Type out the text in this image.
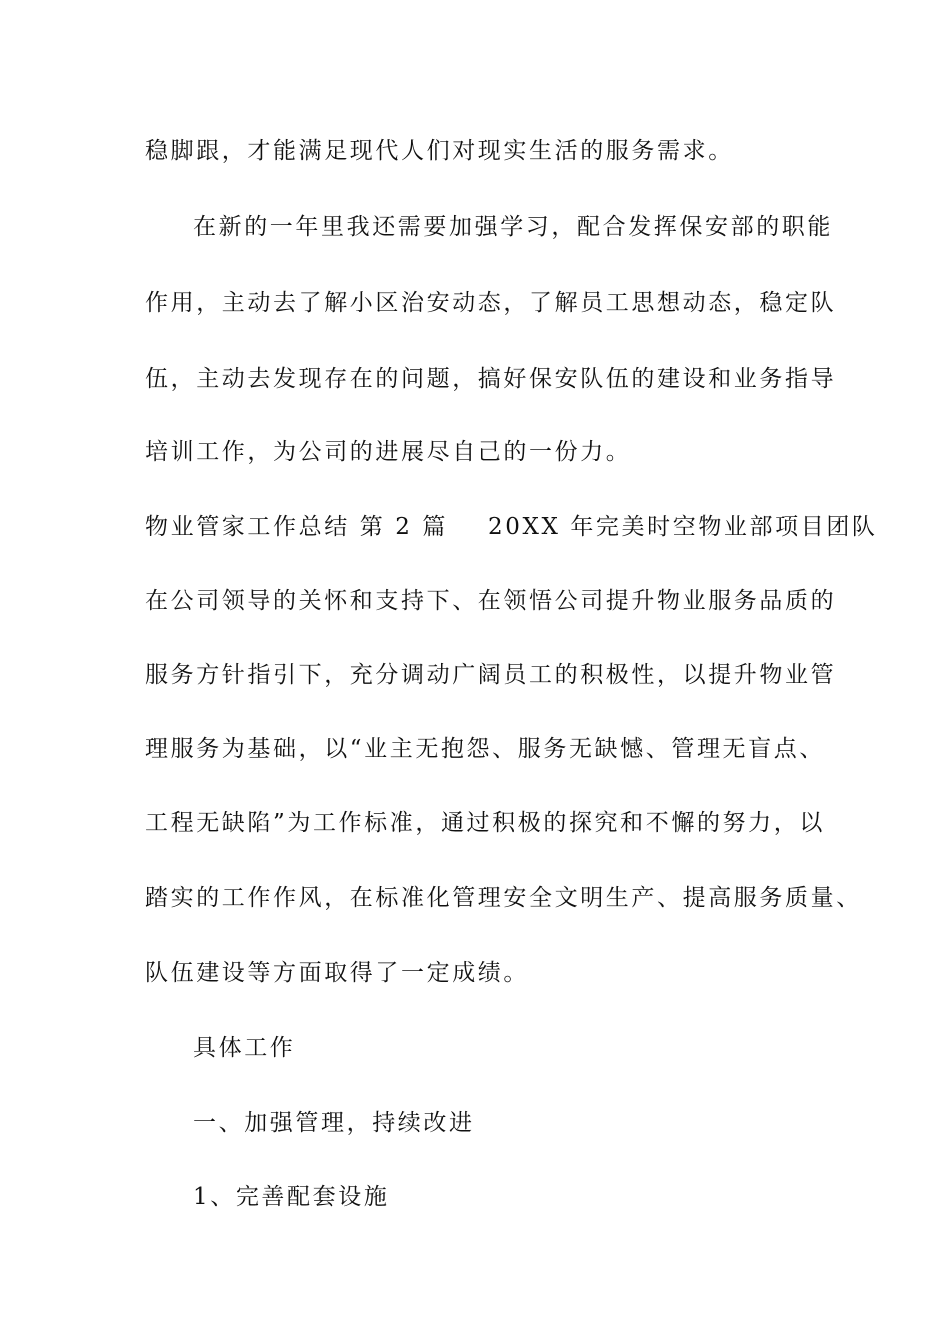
稳脚跟，才能满足现代人们对现实生活的服务需求。
在新的一年里我还需要加强学习，配合发挥保安部的职能
作用，主动去了解小区治安动态，了解员工思想动态，稳定队
伍，主动去发现存在的问题，搞好保安队伍的建设和业务指导
培训工作，为公司的进展尽自己的一份力。
物业管家工作总结 第 2 篇 20XX 年完美时空物业部项目团队
在公司领导的关怀和支持下、在领悟公司提升物业服务品质的
服务方针指引下，充分调动广阔员工的积极性，以提升物业管
理服务为基础，以“业主无抱怨、服务无缺憾、管理无盲点、
工程无缺陷”为工作标准，通过积极的探究和不懈的努力，以
踏实的工作作风，在标准化管理安全文明生产、提高服务质量、
队伍建设等方面取得了一定成绩。
具体工作
一、加强管理，持续改进
1、完善配套设施
